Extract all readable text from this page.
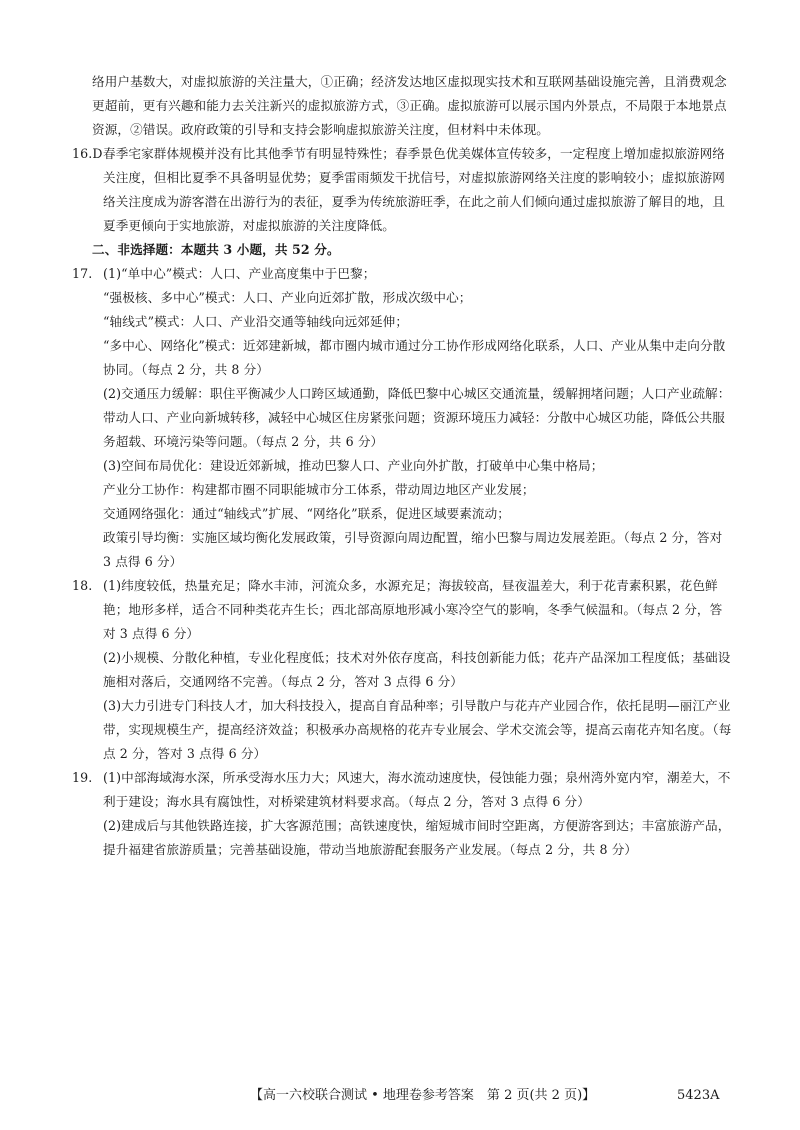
络用户基数大，对虚拟旅游的关注量大，①正确；经济发达地区虚拟现实技术和互联网基础设施完善，且消费观念更超前，更有兴趣和能力去关注新兴的虚拟旅游方式，③正确。虚拟旅游可以展示国内外景点，不局限于本地景点资源，②错误。政府政策的引导和支持会影响虚拟旅游关注度，但材料中未体现。

16.D 春季宅家群体规模并没有比其他季节有明显特殊性；春季景色优美媒体宣传较多，一定程度上增加虚拟旅游网络关注度，但相比夏季不具备明显优势；夏季雷雨频发干扰信号，对虚拟旅游网络关注度的影响较小；虚拟旅游网络关注度成为游客潜在出游行为的表征，夏季为传统旅游旺季，在此之前人们倾向通过虚拟旅游了解目的地，且夏季更倾向于实地旅游，对虚拟旅游的关注度降低。

二、非选择题：本题共 3 小题，共 52 分。

17. (1)“单中心”模式：人口、产业高度集中于巴黎；
“强极核、多中心”模式：人口、产业向近郊扩散，形成次级中心；
“轴线式”模式：人口、产业沿交通等轴线向远郊延伸；
“多中心、网络化”模式：近郊建新城，都市圈内城市通过分工协作形成网络化联系，人口、产业从集中走向分散协同。（每点 2 分，共 8 分）
(2)交通压力缓解：职住平衡减少人口跨区域通勤，降低巴黎中心城区交通流量，缓解拥堵问题；人口产业疏解：带动人口、产业向新城转移，减轻中心城区住房紧张问题；资源环境压力减轻：分散中心城区功能，降低公共服务超载、环境污染等问题。（每点 2 分，共 6 分）
(3)空间布局优化：建设近郊新城，推动巴黎人口、产业向外扩散，打破单中心集中格局；
产业分工协作：构建都市圈不同职能城市分工体系，带动周边地区产业发展；
交通网络强化：通过“轴线式”扩展、“网络化”联系，促进区域要素流动；
政策引导均衡：实施区域均衡化发展政策，引导资源向周边配置，缩小巴黎与周边发展差距。（每点 2 分，答对 3 点得 6 分）
18. (1)纬度较低，热量充足；降水丰沛，河流众多，水源充足；海拔较高，昼夜温差大，利于花青素积累，花色鲜艳；地形多样，适合不同种类花卉生长；西北部高原地形减小寒冷空气的影响，冬季气候温和。（每点 2 分，答对 3 点得 6 分）
(2)小规模、分散化种植，专业化程度低；技术对外依存度高，科技创新能力低；花卉产品深加工程度低；基础设施相对落后，交通网络不完善。（每点 2 分，答对 3 点得 6 分）
(3)大力引进专门科技人才，加大科技投入，提高自育品种率；引导散户与花卉产业园合作，依托昆明—丽江产业带，实现规模生产，提高经济效益；积极承办高规格的花卉专业展会、学术交流会等，提高云南花卉知名度。（每点 2 分，答对 3 点得 6 分）
19. (1)中部海域海水深，所承受海水压力大；风速大，海水流动速度快，侵蚀能力强；泉州湾外宽内窄，潮差大，不利于建设；海水具有腐蚀性，对桥梁建筑材料要求高。（每点 2 分，答对 3 点得 6 分）
(2)建成后与其他铁路连接，扩大客源范围；高铁速度快，缩短城市间时空距离，方便游客到达；丰富旅游产品，提升福建省旅游质量；完善基础设施，带动当地旅游配套服务产业发展。（每点 2 分，共 8 分）
【高一六校联合测试 • 地理卷参考答案　第 2 页(共 2 页)】	5423A
